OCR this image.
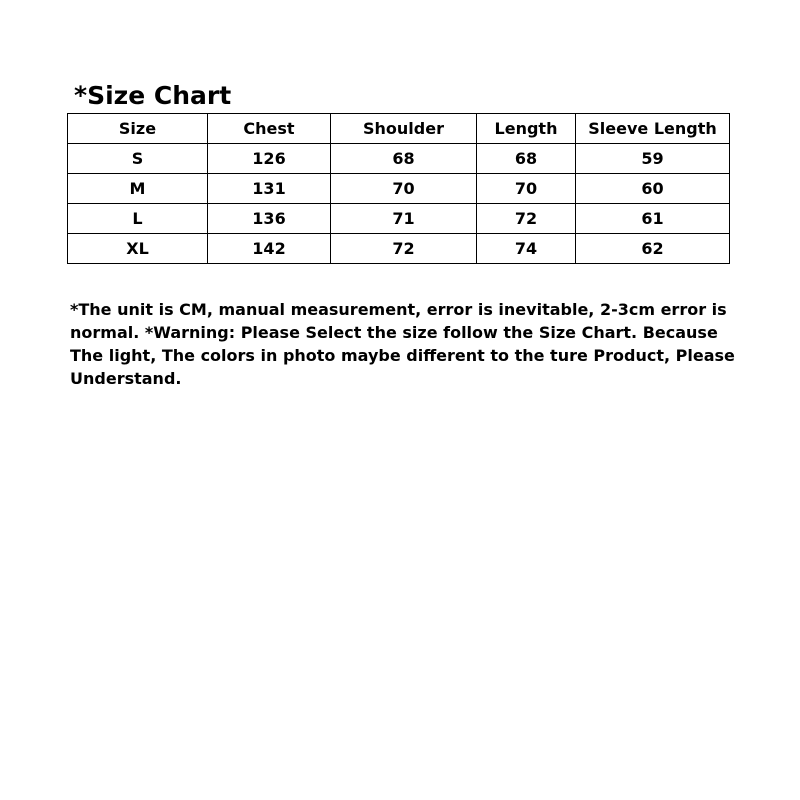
*Size Chart
Size	Chest	Shoulder	Length	Sleeve Length
S	126	68	68	59
M	131	70	70	60
L	136	71	72	61
XL	142	72	74	62
*The unit is CM, manual measurement, error is inevitable, 2-3cm error is normal. *Warning: Please Select the size follow the Size Chart. Because The light, The colors in photo maybe different to the ture Product, Please Understand.
